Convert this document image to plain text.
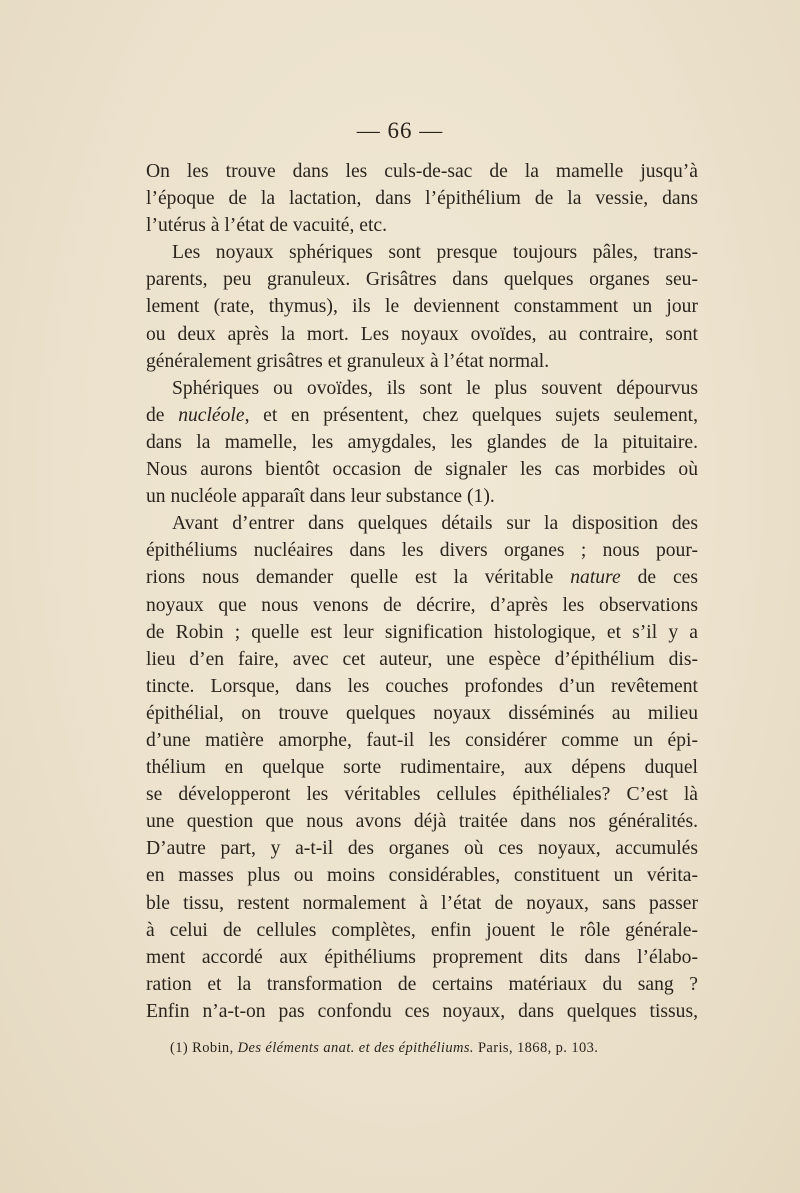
— 66 —
On les trouve dans les culs-de-sac de la mamelle jusqu’à
l’époque de la lactation, dans l’épithélium de la vessie, dans
l’utérus à l’état de vacuité, etc.
Les noyaux sphériques sont presque toujours pâles, trans-
parents, peu granuleux. Grisâtres dans quelques organes seu-
lement (rate, thymus), ils le deviennent constamment un jour
ou deux après la mort. Les noyaux ovoïdes, au contraire, sont
généralement grisâtres et granuleux à l’état normal.
Sphériques ou ovoïdes, ils sont le plus souvent dépourvus
de nucléole, et en présentent, chez quelques sujets seulement,
dans la mamelle, les amygdales, les glandes de la pituitaire.
Nous aurons bientôt occasion de signaler les cas morbides où
un nucléole apparaît dans leur substance (1).
Avant d’entrer dans quelques détails sur la disposition des
épithéliums nucléaires dans les divers organes ; nous pour-
rions nous demander quelle est la véritable nature de ces
noyaux que nous venons de décrire, d’après les observations
de Robin ; quelle est leur signification histologique, et s’il y a
lieu d’en faire, avec cet auteur, une espèce d’épithélium dis-
tincte. Lorsque, dans les couches profondes d’un revêtement
épithélial, on trouve quelques noyaux disséminés au milieu
d’une matière amorphe, faut-il les considérer comme un épi-
thélium en quelque sorte rudimentaire, aux dépens duquel
se développeront les véritables cellules épithéliales? C’est là
une question que nous avons déjà traitée dans nos généralités.
D’autre part, y a-t-il des organes où ces noyaux, accumulés
en masses plus ou moins considérables, constituent un vérita-
ble tissu, restent normalement à l’état de noyaux, sans passer
à celui de cellules complètes, enfin jouent le rôle générale-
ment accordé aux épithéliums proprement dits dans l’élabo-
ration et la transformation de certains matériaux du sang ?
Enfin n’a-t-on pas confondu ces noyaux, dans quelques tissus,
(1) Robin, Des éléments anat. et des épithéliums. Paris, 1868, p. 103.
